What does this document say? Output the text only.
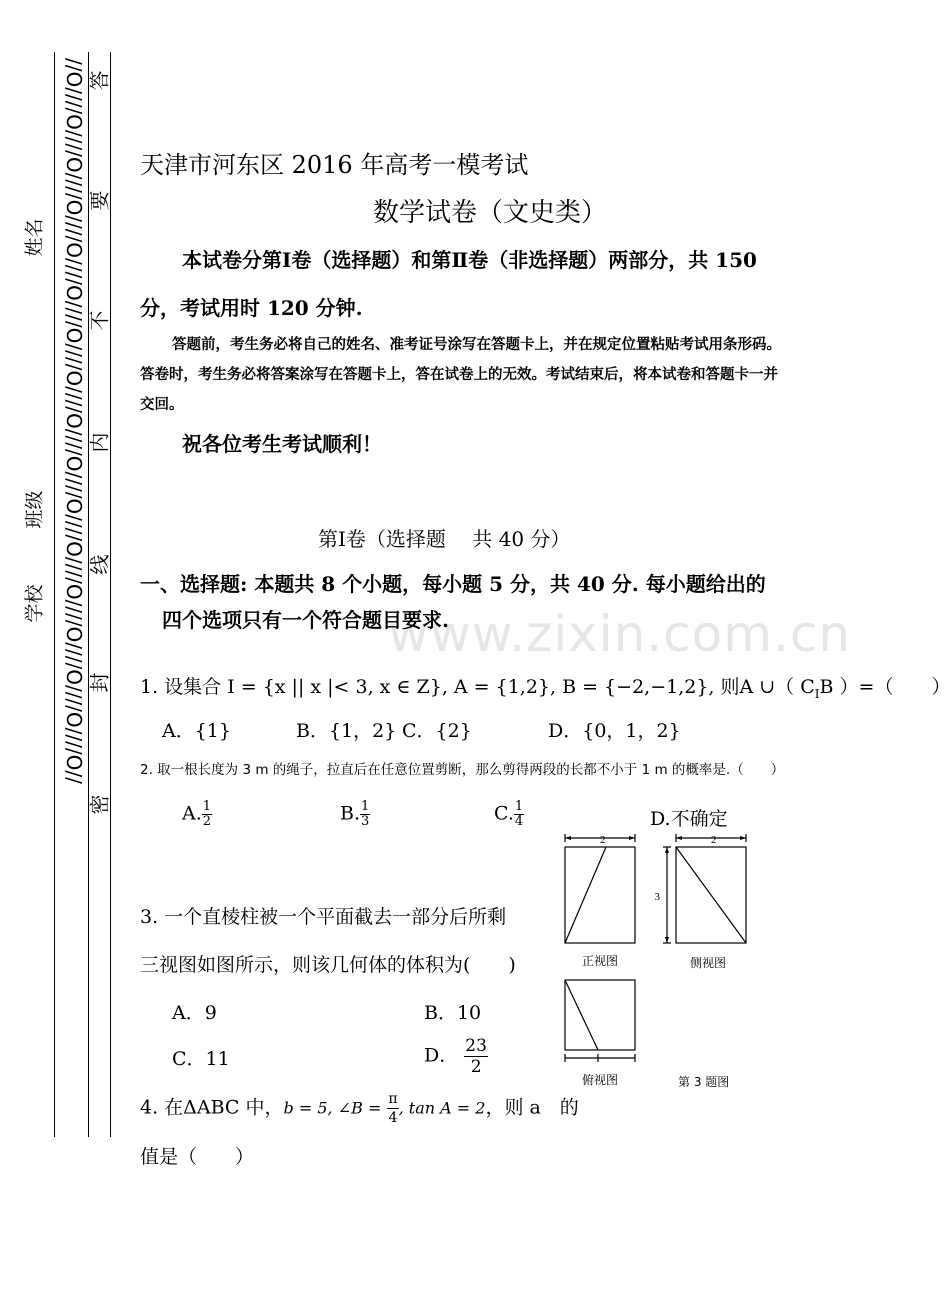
//O////O////O////O////O////O////O////O////O////O////O////O////O////O////O////O////O// 答
要
不
内
线
封
密
姓名
班级
学校
www.zixin.com.cn
天津市河东区 2016 年高考一模考试
数学试卷（文史类）
本试卷分第Ⅰ卷（选择题）和第Ⅱ卷（非选择题）两部分，共 150
分，考试用时 120 分钟.
答题前，考生务必将自己的姓名、准考证号涂写在答题卡上，并在规定位置粘贴考试用条形码。答卷时，考生务必将答案涂写在答题卡上，答在试卷上的无效。考试结束后，将本试卷和答题卡一并交回。
祝各位考生考试顺利！
第Ⅰ卷（选择题　 共 40 分）
一、选择题: 本题共 8 个小题，每小题 5 分，共 40 分. 每小题给出的
四个选项只有一个符合题目要求.
1. 设集合 I = {x || x |< 3, x ∈ Z}, A = {1,2}, B = {−2,−1,2}, 则A ∪（ $C_IB$ ）=（　　）
A．{1}	B．{1，2} C．{2}	D．{0，1，2}
2. 取一根长度为 3 m 的绳子，拉直后在任意位置剪断，那么剪得两段的长都不小于 1 m 的概率是.（　　）
A. $\frac{1}{2}$	B. $\frac{1}{3}$	C. $\frac{1}{4}$	D.不确定
3. 一个直棱柱被一个平面截去一部分后所剩
三视图如图所示，则该几何体的体积为(　　)
A．9	B．10
C．11	D． $\frac{23}{2}$
2	2
3
正视图	侧视图
俯视图	第 3 题图
4. 在ΔABC 中，b = 5, ∠B = $\frac{\pi}{4}$ , tan A = 2，则 a　的
值是（　　）
